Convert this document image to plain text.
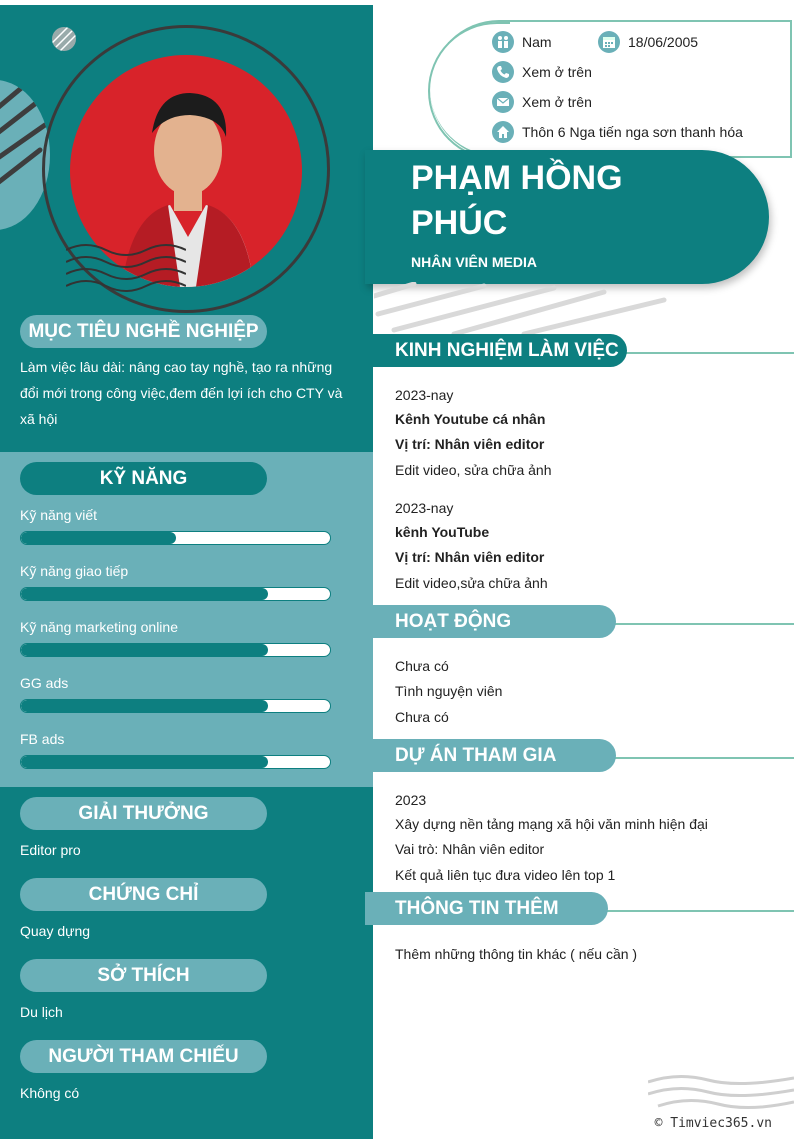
MỤC TIÊU NGHỀ NGHIỆP
Làm việc lâu dài: nâng cao tay nghề, tạo ra những đổi mới trong công việc,đem đến lợi ích cho CTY và xã hội
KỸ NĂNG
Kỹ năng viết
Kỹ năng giao tiếp
Kỹ năng marketing online
GG ads
FB ads
GIẢI THƯỞNG
Editor pro
CHỨNG CHỈ
Quay dựng
SỞ THÍCH
Du lịch
NGƯỜI THAM CHIẾU
Không có
Nam	18/06/2005
Xem ở trên
Xem ở trên
Thôn 6 Nga tiến nga sơn thanh hóa
PHẠM HỒNG
PHÚC
NHÂN VIÊN MEDIA
KINH NGHIỆM LÀM VIỆC
2023-nay
Kênh Youtube cá nhân
Vị trí: Nhân viên editor
Edit video, sửa chữa ảnh
2023-nay
kênh YouTube
Vị trí: Nhân viên editor
Edit video,sửa chữa ảnh
HOẠT ĐỘNG
Chưa có
Tình nguyện viên
Chưa có
DỰ ÁN THAM GIA
2023
Xây dựng nền tảng mạng xã hội văn minh hiện đại
Vai trò: Nhân viên editor
Kết quả liên tục đưa video lên top 1
THÔNG TIN THÊM
Thêm những thông tin khác ( nếu cần )
© Timviec365.vn
